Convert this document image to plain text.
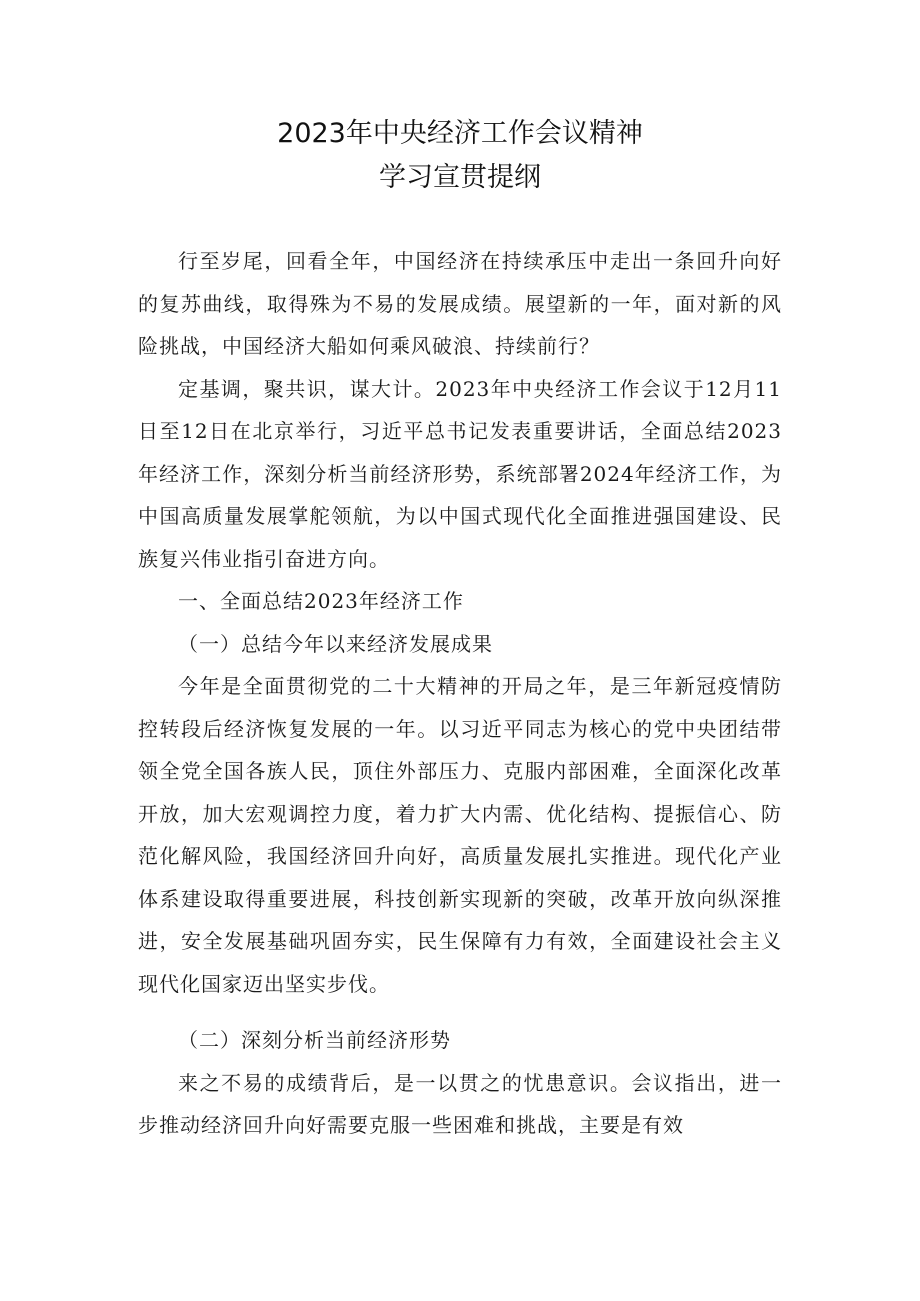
2023年中央经济工作会议精神
学习宣贯提纲

行至岁尾，回看全年，中国经济在持续承压中走出一条回升向好的复苏曲线，取得殊为不易的发展成绩。展望新的一年，面对新的风险挑战，中国经济大船如何乘风破浪、持续前行？

定基调，聚共识，谋大计。2023年中央经济工作会议于12月11日至12日在北京举行，习近平总书记发表重要讲话，全面总结2023年经济工作，深刻分析当前经济形势，系统部署2024年经济工作，为中国高质量发展掌舵领航，为以中国式现代化全面推进强国建设、民族复兴伟业指引奋进方向。

一、全面总结2023年经济工作

（一）总结今年以来经济发展成果

今年是全面贯彻党的二十大精神的开局之年，是三年新冠疫情防控转段后经济恢复发展的一年。以习近平同志为核心的党中央团结带领全党全国各族人民，顶住外部压力、克服内部困难，全面深化改革开放，加大宏观调控力度，着力扩大内需、优化结构、提振信心、防范化解风险，我国经济回升向好，高质量发展扎实推进。现代化产业体系建设取得重要进展，科技创新实现新的突破，改革开放向纵深推进，安全发展基础巩固夯实，民生保障有力有效，全面建设社会主义现代化国家迈出坚实步伐。

（二）深刻分析当前经济形势

来之不易的成绩背后，是一以贯之的忧患意识。会议指出，进一步推动经济回升向好需要克服一些困难和挑战，主要是有效
